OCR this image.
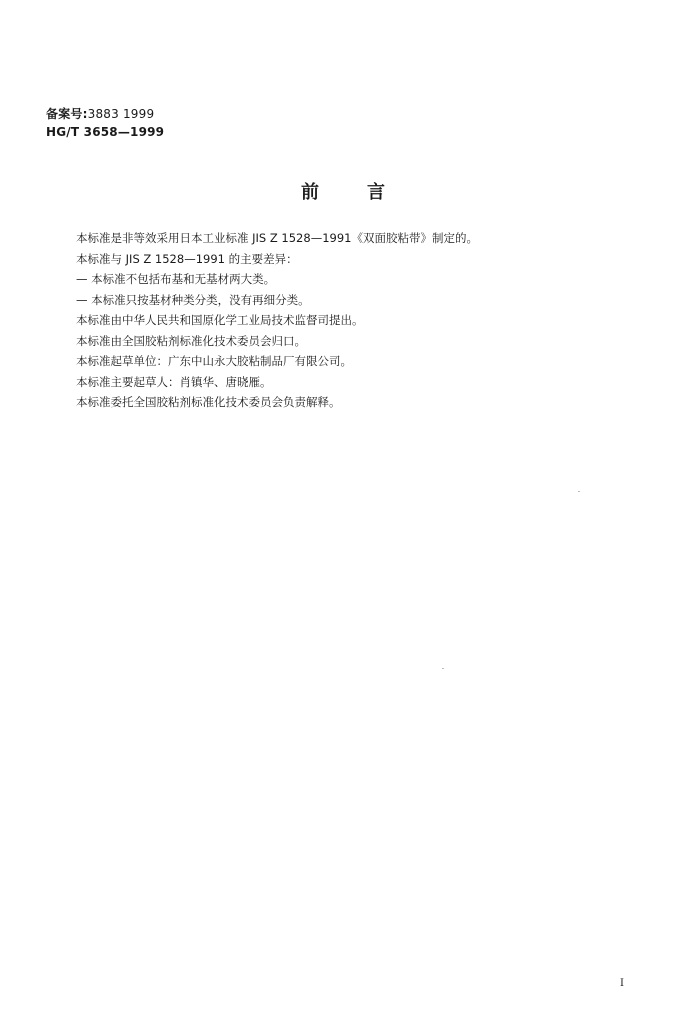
备案号:3883 1999
HG/T 3658—1999
前言
本标准是非等效采用日本工业标准 JIS Z 1528—1991《双面胶粘带》制定的。
本标准与 JIS Z 1528—1991 的主要差异：
— 本标准不包括布基和无基材两大类。
— 本标准只按基材种类分类，没有再细分类。
本标准由中华人民共和国原化学工业局技术监督司提出。
本标准由全国胶粘剂标准化技术委员会归口。
本标准起草单位：广东中山永大胶粘制品厂有限公司。
本标准主要起草人：肖镇华、唐晓雁。
本标准委托全国胶粘剂标准化技术委员会负责解释。
I
